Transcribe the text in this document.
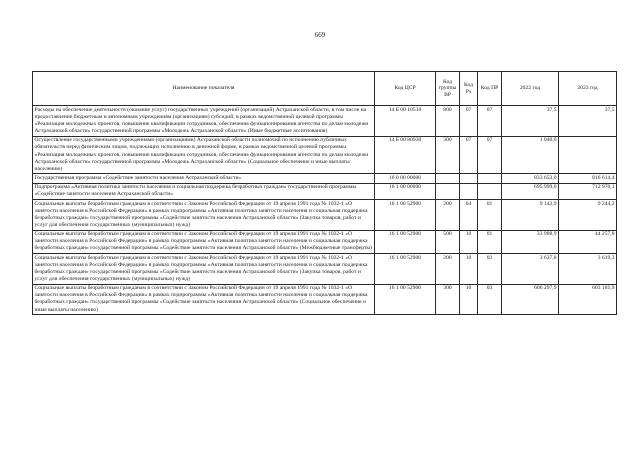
669
Наименование показателя	Код ЦСР	Код группы ВР	Код Рз	Код ПР	2022 год	2023 год
Расходы на обеспечение деятельности (оказание услуг) государственных учреждений (организаций) Астраханской области, в том числе на предоставление бюджетным и автономным учреждениям (организациям) субсидий, в рамках ведомственной целевой программы «Реализация молодежных проектов, повышение квалификации сотрудников, обеспечение функционирования агентства по делам молодежи Астраханской области» государственной программы «Молодежь Астраханской области» (Иные бюджетные ассигнования)	14 Б 00 10510	800	07	07	37,5	37,5
Осуществление государственными учреждениями (организациями) Астраханской области полномочий по исполнению публичных обязательств перед физическим лицом, подлежащих исполнению в денежной форме, в рамках ведомственной целевой программы «Реализация молодежных проектов, повышение квалификации сотрудников, обеспечение функционирования агентства по делам молодежи Астраханской области» государственной программы «Молодежь Астраханской области» (Социальное обеспечение и иные выплаты населению)	14 Б 00 80930	300	07	07	1 040,0	
Государственная программа «Содействие занятости населения Астраханской области»	16 0 00 00000				833 653,0	816 614,4
Подпрограмма «Активная политика занятости населения и социальная поддержка безработных граждан» государственной программы «Содействие занятости населения Астраханской области»	16 1 00 00000				695 999,0	712 970,1
Социальные выплаты безработным гражданам в соответствии с Законом Российской Федерации от 19 апреля 1991 года № 1032-1 «О занятости населения в Российской Федерации» в рамках подпрограммы «Активная политика занятости населения и социальная поддержка безработных граждан» государственной программы «Содействие занятости населения Астраханской области» (Закупка товаров, работ и услуг для обеспечения государственных (муниципальных) нужд)	16 1 00 52900	200	04	01	9 142,9	9 244,2
Социальные выплаты безработным гражданам в соответствии с Законом Российской Федерации от 19 апреля 1991 года № 1032-1 «О занятости населения в Российской Федерации» в рамках подпрограммы «Активная политика занятости населения и социальная поддержка безработных граждан» государственной программы «Содействие занятости населения Астраханской области» (Межбюджетные трансферты)	16 1 00 52900	500	10	01	33 988,9	44 257,8
Социальные выплаты безработным гражданам в соответствии с Законом Российской Федерации от 19 апреля 1991 года № 1032-1 «О занятости населения в Российской Федерации» в рамках подпрограммы «Активная политика занятости населения и социальная поддержка безработных граждан» государственной программы «Содействие занятости населения Астраханской области» (Закупка товаров, работ и услуг для обеспечения государственных (муниципальных) нужд)	16 1 00 52900	200	10	03	3 637,8	3 619,3
Социальные выплаты безработным гражданам в соответствии с Законом Российской Федерации от 19 апреля 1991 года № 1032-1 «О занятости населения в Российской Федерации» в рамках подпрограммы «Активная политика занятости населения и социальная поддержка безработных граждан» государственной программы «Содействие занятости населения Астраханской области» (Социальное обеспечение и иные выплаты населению)	16 1 00 52900	300	10	03	606 297,9	603 181,9
